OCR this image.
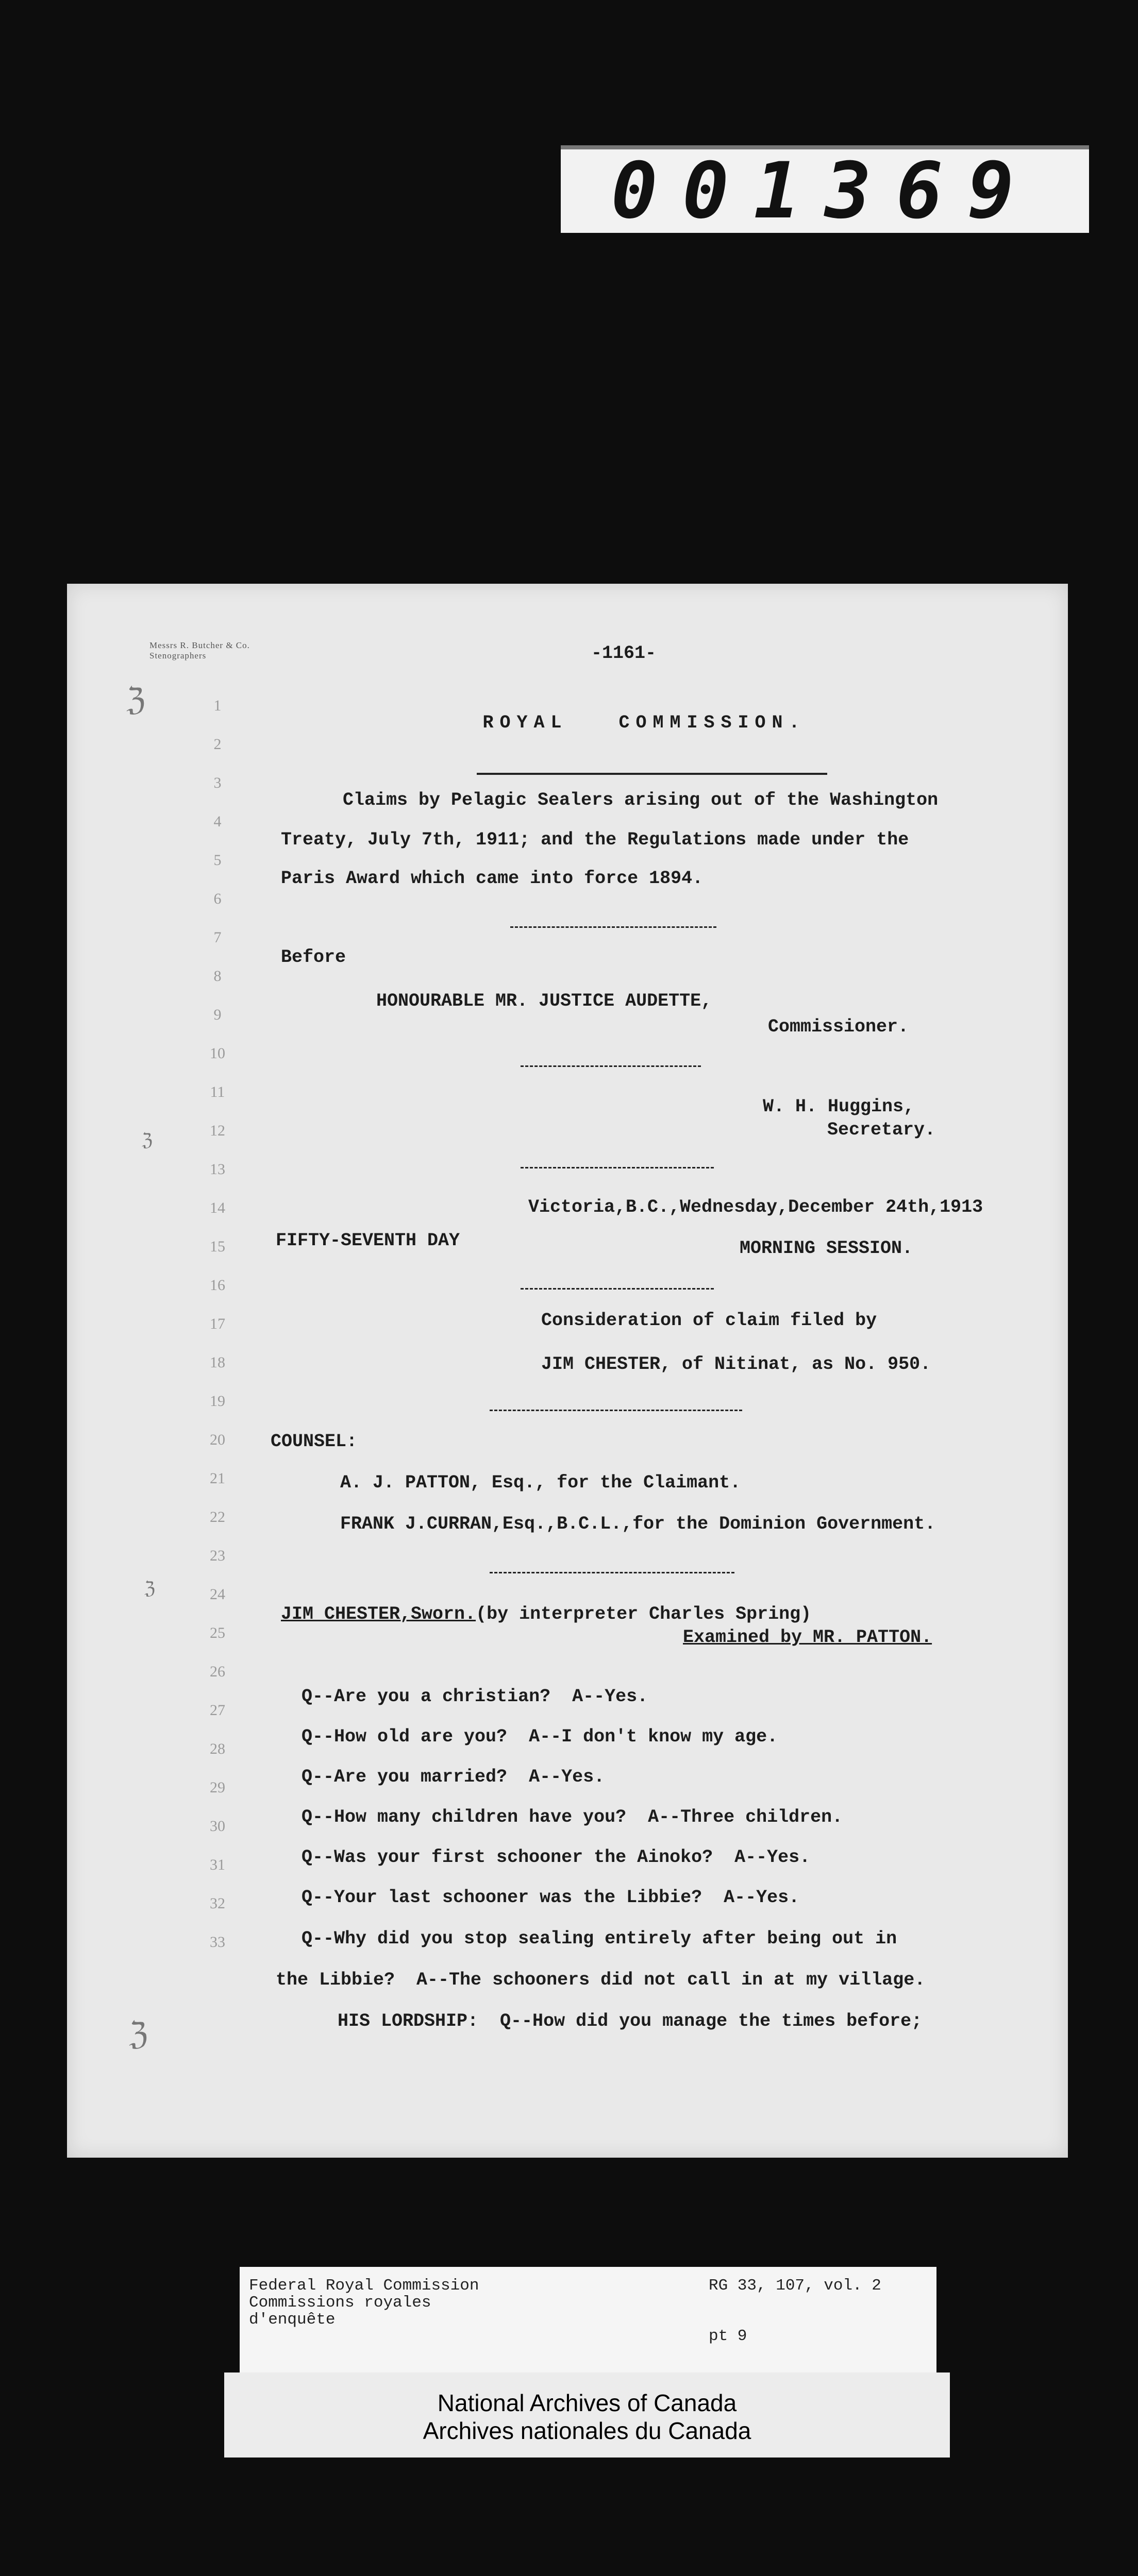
001369
Messrs R. Butcher & Co.
Stenographers
ℨ
ℨ
ℨ
ℨ
-1161-
ROYAL   COMMISSION.
1
2
3
4
5
6
7
8
9
10
11
12
13
14
15
16
17
18
19
20
21
22
23
24
25
26
27
28
29
30
31
32
33
Claims by Pelagic Sealers arising out of the Washington
Treaty, July 7th, 1911; and the Regulations made under the
Paris Award which came into force 1894.
Before
HONOURABLE MR. JUSTICE AUDETTE,
Commissioner.
W. H. Huggins,
Secretary.
Victoria,B.C.,Wednesday,December 24th,1913
FIFTY-SEVENTH DAY	MORNING SESSION.
Consideration of claim filed by
JIM CHESTER, of Nitinat, as No. 950.
COUNSEL:
A. J. PATTON, Esq., for the Claimant.
FRANK J.CURRAN,Esq.,B.C.L.,for the Dominion Government.
JIM CHESTER,Sworn.(by interpreter Charles Spring)
Examined by MR. PATTON.
Q--Are you a christian?  A--Yes.
Q--How old are you?  A--I don't know my age.
Q--Are you married?  A--Yes.
Q--How many children have you?  A--Three children.
Q--Was your first schooner the Ainoko?  A--Yes.
Q--Your last schooner was the Libbie?  A--Yes.
Q--Why did you stop sealing entirely after being out in
the Libbie?  A--The schooners did not call in at my village.
HIS LORDSHIP:  Q--How did you manage the times before;
Federal Royal Commission
Commissions royales
d'enquête
RG 33, 107, vol. 2
pt 9
National Archives of Canada
Archives nationales du Canada
